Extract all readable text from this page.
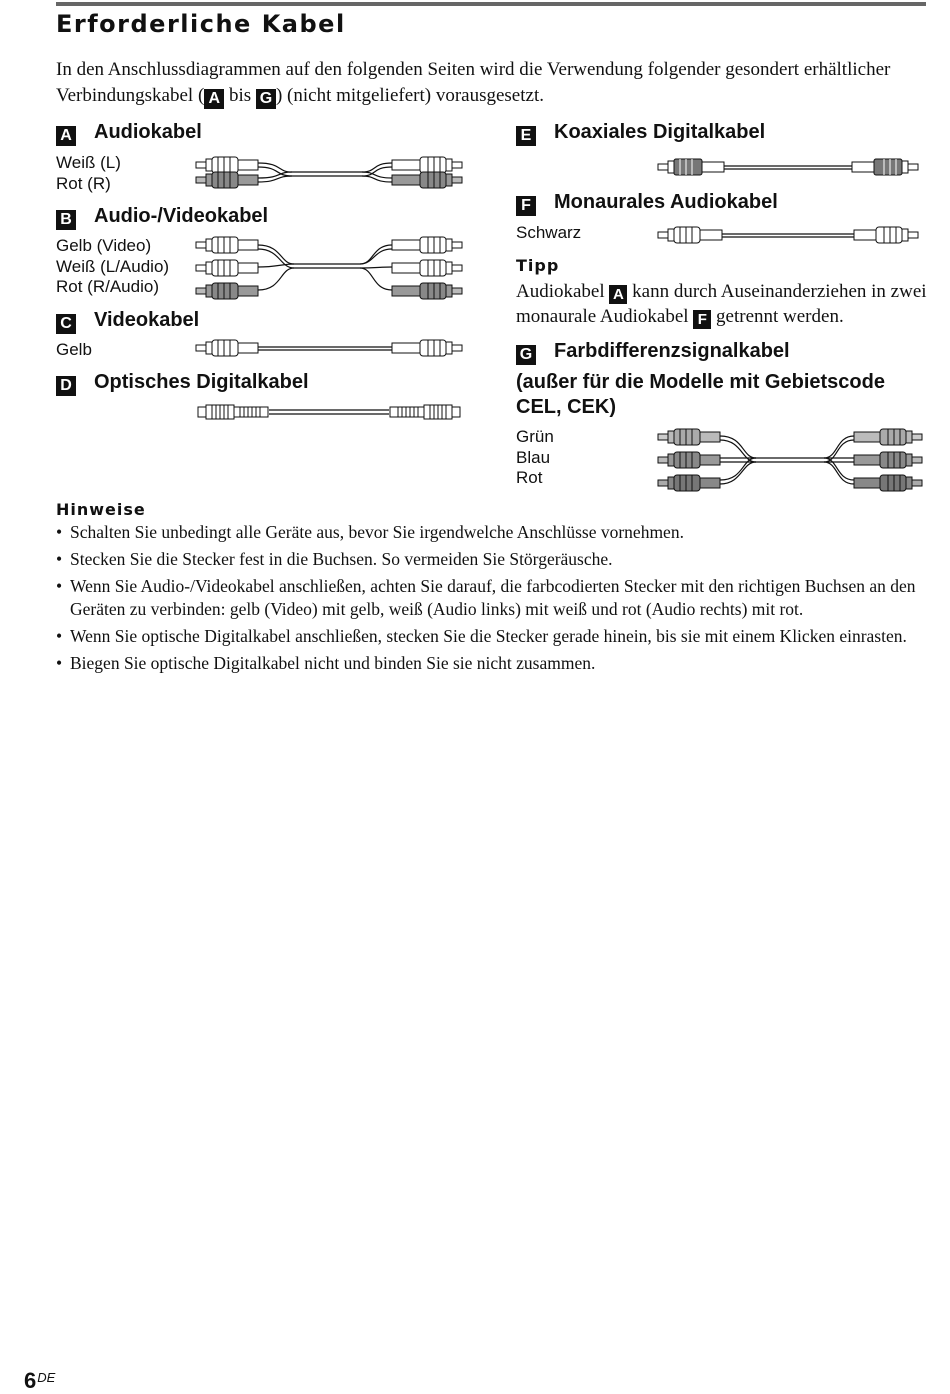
Erforderliche Kabel
In den Anschlussdiagrammen auf den folgenden Seiten wird die Verwendung folgender gesondert erhältlicher Verbindungskabel ( A bis G ) (nicht mitgeliefert) vorausgesetzt.
A Audiokabel
Weiß (L)
Rot (R)
B Audio-/Videokabel
Gelb (Video)
Weiß (L/Audio)
Rot (R/Audio)
C Videokabel
Gelb
D Optisches Digitalkabel
E Koaxiales Digitalkabel
F Monaurales Audiokabel
Schwarz
Tipp
Audiokabel A kann durch Auseinanderziehen in zwei
monaurale Audiokabel F getrennt werden.
G Farbdifferenzsignalkabel
(außer für die Modelle mit Gebietscode
CEL, CEK)
Grün
Blau
Rot
Hinweise
• Schalten Sie unbedingt alle Geräte aus, bevor Sie irgendwelche Anschlüsse vornehmen.
• Stecken Sie die Stecker fest in die Buchsen. So vermeiden Sie Störgeräusche.
• Wenn Sie Audio-/Videokabel anschließen, achten Sie darauf, die farbcodierten Stecker mit den richtigen Buchsen an den Geräten zu verbinden: gelb (Video) mit gelb, weiß (Audio links) mit weiß und rot (Audio rechts) mit rot.
• Wenn Sie optische Digitalkabel anschließen, stecken Sie die Stecker gerade hinein, bis sie mit einem Klicken einrasten.
• Biegen Sie optische Digitalkabel nicht und binden Sie sie nicht zusammen.
6DE
